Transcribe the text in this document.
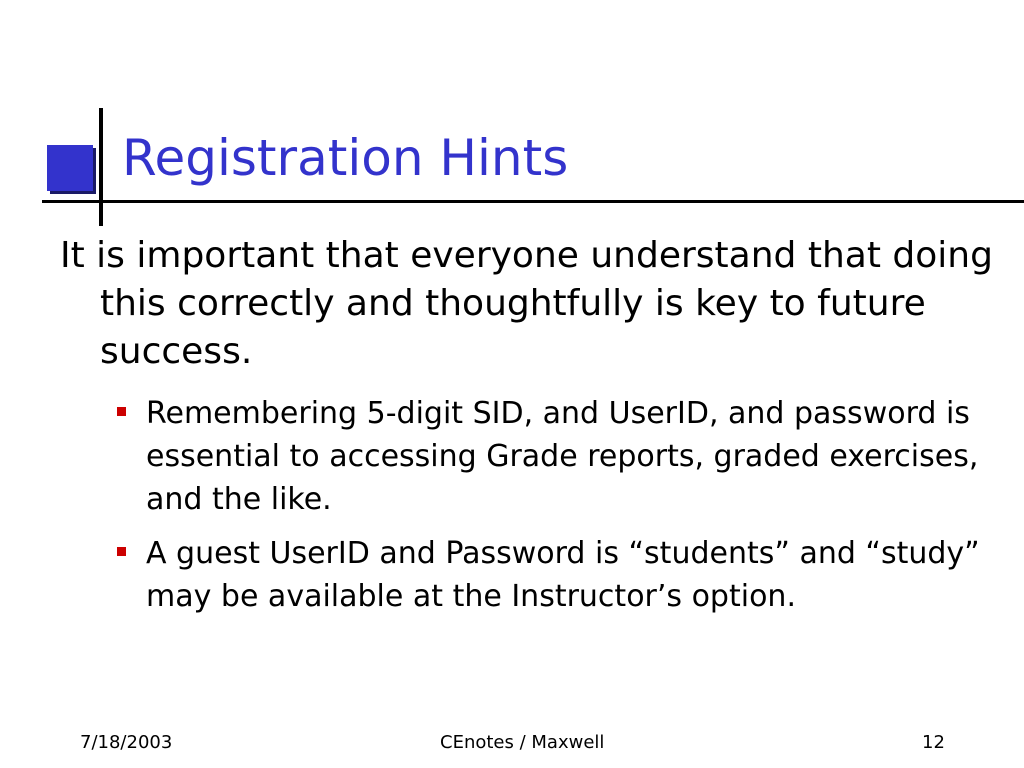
Registration Hints

It is important that everyone understand that doing this correctly and thoughtfully is key to future success.

Remembering 5-digit SID, and UserID, and password is essential to accessing Grade reports, graded exercises, and the like.
A guest UserID and Password is “students” and “study” may be available at the Instructor’s option.
7/18/2003	CEnotes / Maxwell	12
